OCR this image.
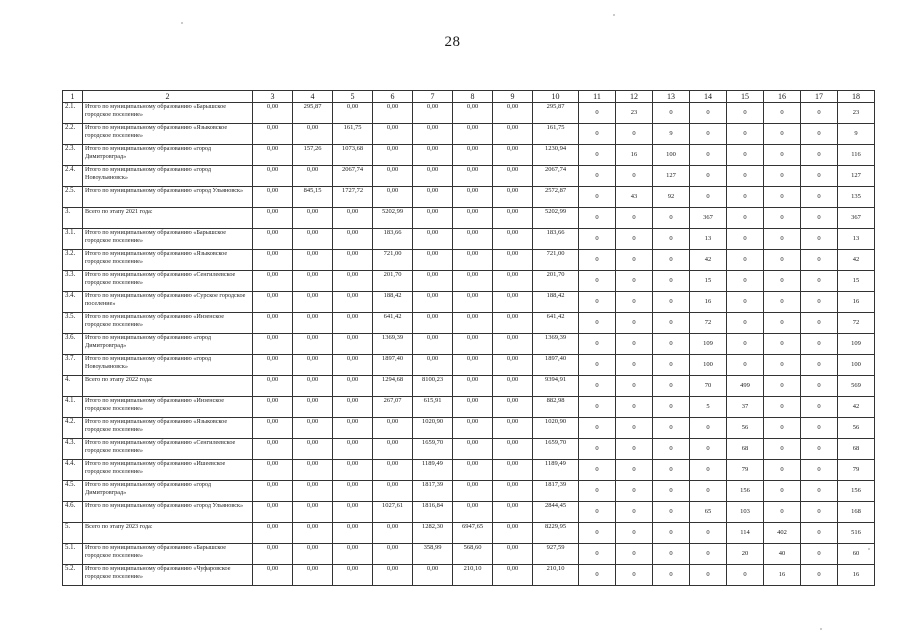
28
1	2	3	4	5	6	7	8	9	10	11	12	13	14	15	16	17	18
2.1.	Итого по муниципальному образованию «Барышское городское поселение»	0,00	295,87	0,00	0,00	0,00	0,00	0,00	295,87	0	23	0	0	0	0	0	23
2.2.	Итого по муниципальному образованию «Языковское городское поселение»	0,00	0,00	161,75	0,00	0,00	0,00	0,00	161,75	0	0	9	0	0	0	0	9
2.3.	Итого по муниципальному образованию «город Димитровград»	0,00	157,26	1073,68	0,00	0,00	0,00	0,00	1230,94	0	16	100	0	0	0	0	116
2.4.	Итого по муниципальному образованию «город Новоульяновск»	0,00	0,00	2067,74	0,00	0,00	0,00	0,00	2067,74	0	0	127	0	0	0	0	127
2.5.	Итого по муниципальному образованию «город Ульяновск»	0,00	845,15	1727,72	0,00	0,00	0,00	0,00	2572,87	0	43	92	0	0	0	0	135
3.	Всего по этапу 2021 года:	0,00	0,00	0,00	5202,99	0,00	0,00	0,00	5202,99	0	0	0	367	0	0	0	367
3.1.	Итого по муниципальному образованию «Барышское городское поселение»	0,00	0,00	0,00	183,66	0,00	0,00	0,00	183,66	0	0	0	13	0	0	0	13
3.2.	Итого по муниципальному образованию «Языковское городское поселение»	0,00	0,00	0,00	721,00	0,00	0,00	0,00	721,00	0	0	0	42	0	0	0	42
3.3.	Итого по муниципальному образованию «Сенгилеевское городское поселение»	0,00	0,00	0,00	201,70	0,00	0,00	0,00	201,70	0	0	0	15	0	0	0	15
3.4.	Итого по муниципальному образованию «Сурское городское поселение»	0,00	0,00	0,00	188,42	0,00	0,00	0,00	188,42	0	0	0	16	0	0	0	16
3.5.	Итого по муниципальному образованию «Инзенское городское поселение»	0,00	0,00	0,00	641,42	0,00	0,00	0,00	641,42	0	0	0	72	0	0	0	72
3.6.	Итого по муниципальному образованию «город Димитровград»	0,00	0,00	0,00	1369,39	0,00	0,00	0,00	1369,39	0	0	0	109	0	0	0	109
3.7.	Итого по муниципальному образованию «город Новоульяновск»	0,00	0,00	0,00	1897,40	0,00	0,00	0,00	1897,40	0	0	0	100	0	0	0	100
4.	Всего по этапу 2022 года:	0,00	0,00	0,00	1294,68	8100,23	0,00	0,00	9394,91	0	0	0	70	499	0	0	569
4.1.	Итого по муниципальному образованию «Инзенское городское поселение»	0,00	0,00	0,00	267,07	615,91	0,00	0,00	882,98	0	0	0	5	37	0	0	42
4.2.	Итого по муниципальному образованию «Языковское городское поселение»	0,00	0,00	0,00	0,00	1020,90	0,00	0,00	1020,90	0	0	0	0	56	0	0	56
4.3.	Итого по муниципальному образованию «Сенгилеевское городское поселение»	0,00	0,00	0,00	0,00	1659,70	0,00	0,00	1659,70	0	0	0	0	68	0	0	68
4.4.	Итого по муниципальному образованию «Ишеевское городское поселение»	0,00	0,00	0,00	0,00	1189,49	0,00	0,00	1189,49	0	0	0	0	79	0	0	79
4.5.	Итого по муниципальному образованию «город Димитровград»	0,00	0,00	0,00	0,00	1817,39	0,00	0,00	1817,39	0	0	0	0	156	0	0	156
4.6.	Итого по муниципальному образованию «город Ульяновск»	0,00	0,00	0,00	1027,61	1816,84	0,00	0,00	2844,45	0	0	0	65	103	0	0	168
5.	Всего по этапу 2023 года:	0,00	0,00	0,00	0,00	1282,30	6947,65	0,00	8229,95	0	0	0	0	114	402	0	516
5.1.	Итого по муниципальному образованию «Барышское городское поселение»	0,00	0,00	0,00	0,00	358,99	568,60	0,00	927,59	0	0	0	0	20	40	0	60
5.2.	Итого по муниципальному образованию «Чуфаровское городское поселение»	0,00	0,00	0,00	0,00	0,00	210,10	0,00	210,10	0	0	0	0	0	16	0	16
